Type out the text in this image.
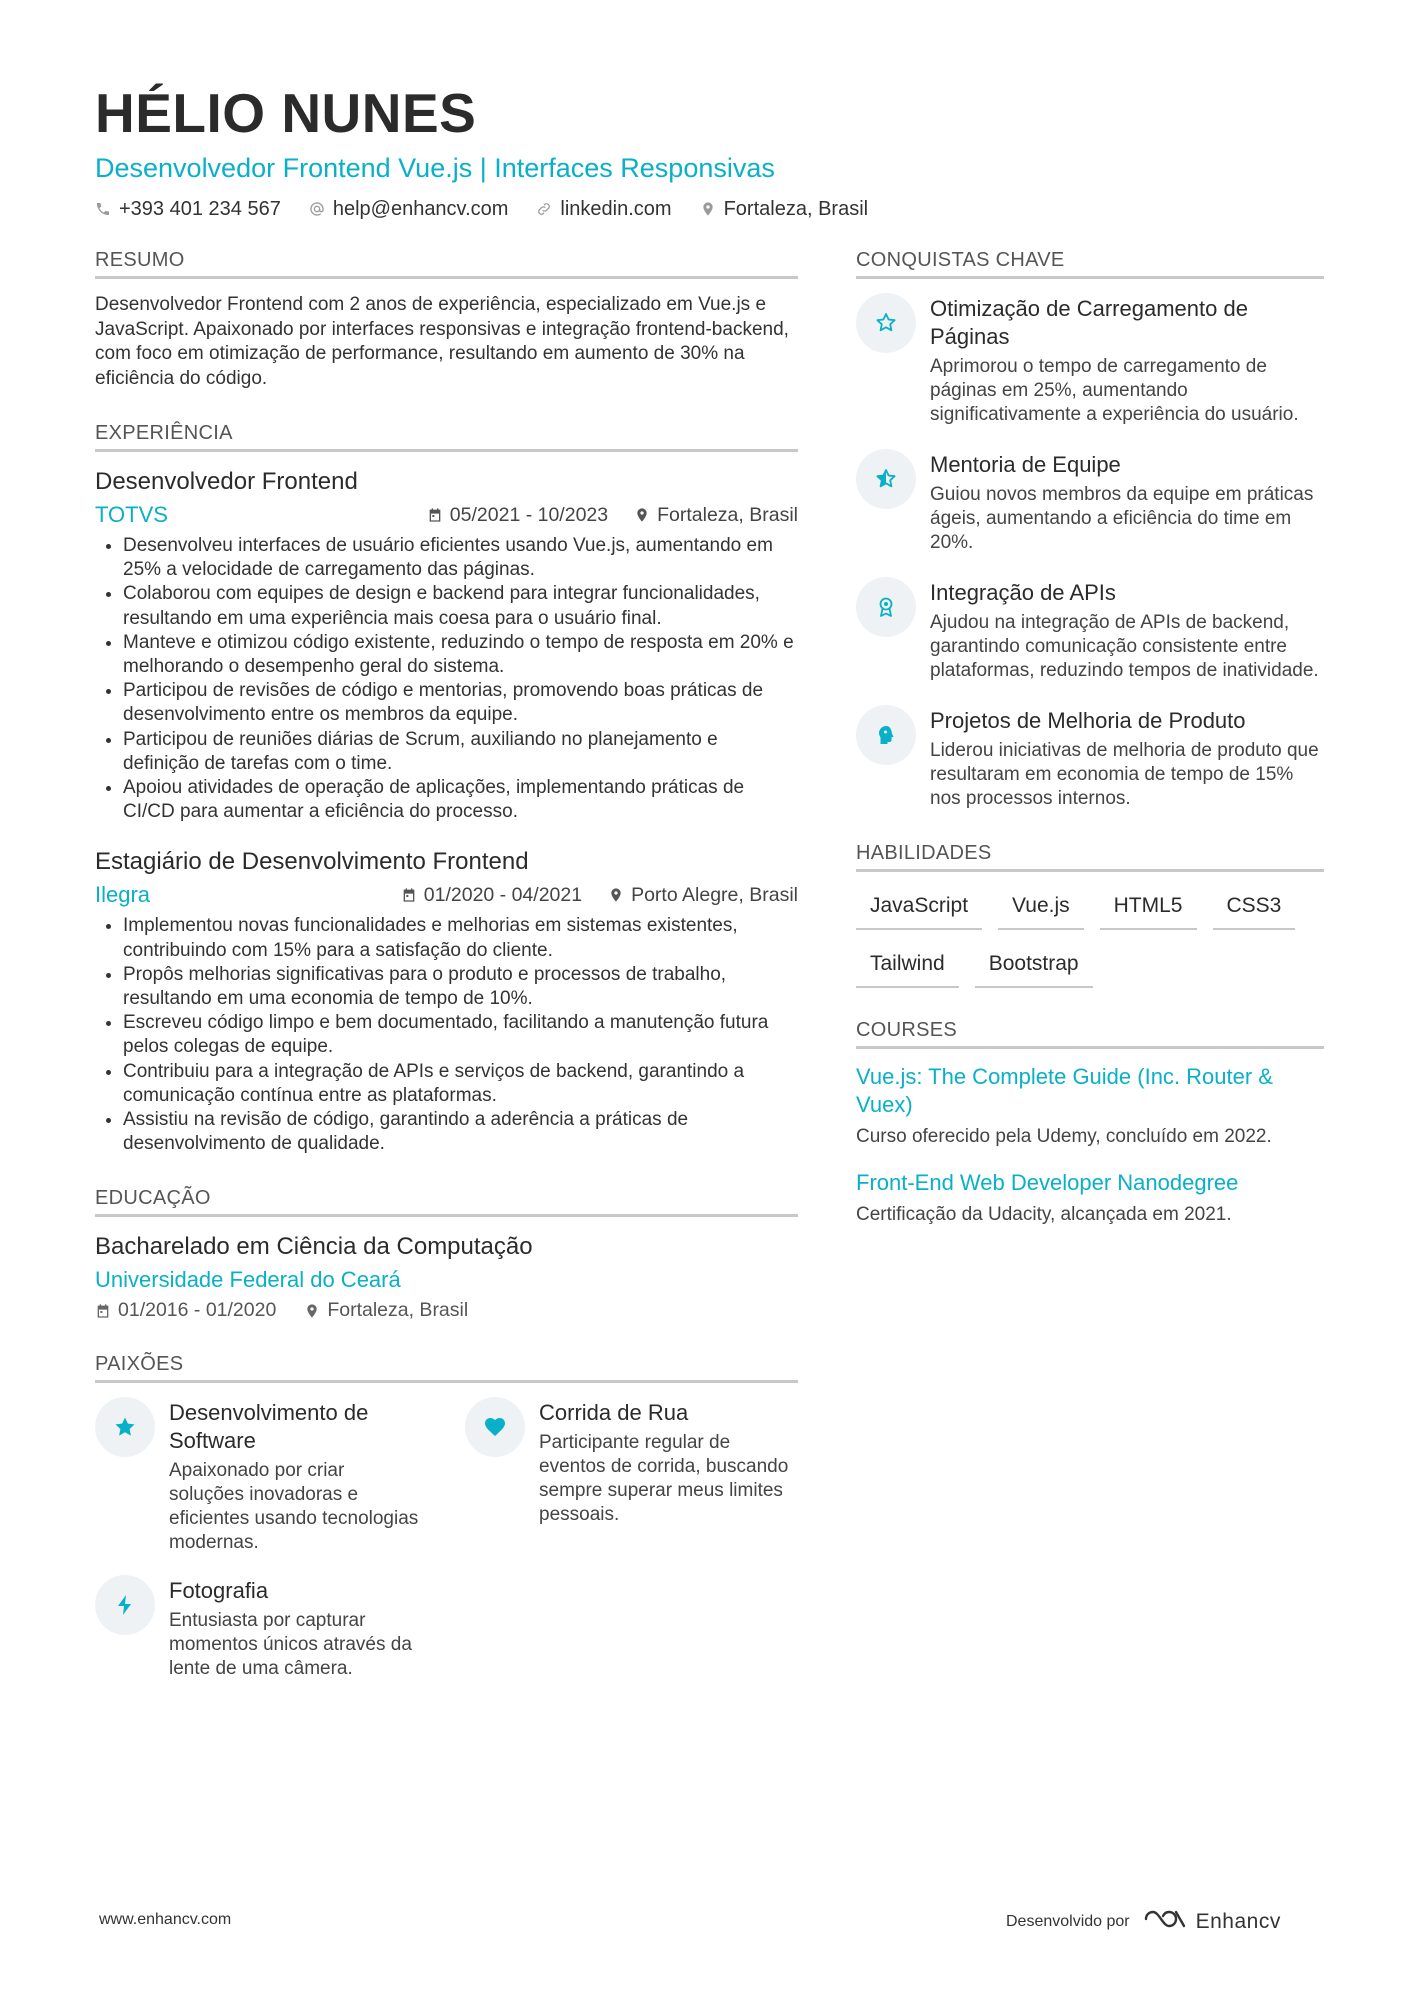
HÉLIO NUNES
Desenvolvedor Frontend Vue.js | Interfaces Responsivas
+393 401 234 567	help@enhancv.com	linkedin.com	Fortaleza, Brasil
RESUMO
Desenvolvedor Frontend com 2 anos de experiência, especializado em Vue.js e JavaScript. Apaixonado por interfaces responsivas e integração frontend-backend, com foco em otimização de performance, resultando em aumento de 30% na eficiência do código.
EXPERIÊNCIA
Desenvolvedor Frontend
TOTVS	05/2021 - 10/2023	Fortaleza, Brasil
• Desenvolveu interfaces de usuário eficientes usando Vue.js, aumentando em 25% a velocidade de carregamento das páginas.
• Colaborou com equipes de design e backend para integrar funcionalidades, resultando em uma experiência mais coesa para o usuário final.
• Manteve e otimizou código existente, reduzindo o tempo de resposta em 20% e melhorando o desempenho geral do sistema.
• Participou de revisões de código e mentorias, promovendo boas práticas de desenvolvimento entre os membros da equipe.
• Participou de reuniões diárias de Scrum, auxiliando no planejamento e definição de tarefas com o time.
• Apoiou atividades de operação de aplicações, implementando práticas de CI/CD para aumentar a eficiência do processo.
Estagiário de Desenvolvimento Frontend
Ilegra	01/2020 - 04/2021	Porto Alegre, Brasil
• Implementou novas funcionalidades e melhorias em sistemas existentes, contribuindo com 15% para a satisfação do cliente.
• Propôs melhorias significativas para o produto e processos de trabalho, resultando em uma economia de tempo de 10%.
• Escreveu código limpo e bem documentado, facilitando a manutenção futura pelos colegas de equipe.
• Contribuiu para a integração de APIs e serviços de backend, garantindo a comunicação contínua entre as plataformas.
• Assistiu na revisão de código, garantindo a aderência a práticas de desenvolvimento de qualidade.
EDUCAÇÃO
Bacharelado em Ciência da Computação
Universidade Federal do Ceará
01/2016 - 01/2020	Fortaleza, Brasil
PAIXÕES
Desenvolvimento de Software
Apaixonado por criar soluções inovadoras e eficientes usando tecnologias modernas.
Corrida de Rua
Participante regular de eventos de corrida, buscando sempre superar meus limites pessoais.
Fotografia
Entusiasta por capturar momentos únicos através da lente de uma câmera.
CONQUISTAS CHAVE
Otimização de Carregamento de Páginas
Aprimorou o tempo de carregamento de páginas em 25%, aumentando significativamente a experiência do usuário.
Mentoria de Equipe
Guiou novos membros da equipe em práticas ágeis, aumentando a eficiência do time em 20%.
Integração de APIs
Ajudou na integração de APIs de backend, garantindo comunicação consistente entre plataformas, reduzindo tempos de inatividade.
Projetos de Melhoria de Produto
Liderou iniciativas de melhoria de produto que resultaram em economia de tempo de 15% nos processos internos.
HABILIDADES
JavaScript	Vue.js	HTML5	CSS3
Tailwind	Bootstrap
COURSES
Vue.js: The Complete Guide (Inc. Router & Vuex)
Curso oferecido pela Udemy, concluído em 2022.
Front-End Web Developer Nanodegree
Certificação da Udacity, alcançada em 2021.
www.enhancv.com	Desenvolvido por	Enhancv
